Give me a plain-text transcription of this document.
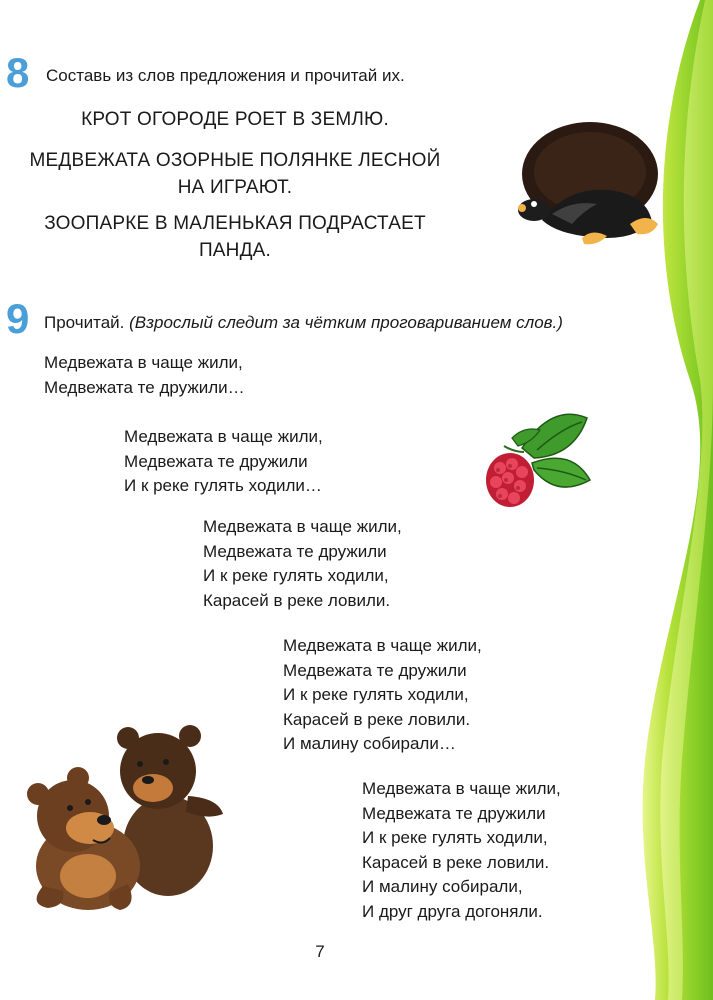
8 Составь из слов предложения и прочитай их.
КРОТ ОГОРОДЕ РОЕТ В ЗЕМЛЮ.
МЕДВЕЖАТА ОЗОРНЫЕ ПОЛЯНКЕ ЛЕСНОЙ
НА ИГРАЮТ.
ЗООПАРКЕ В МАЛЕНЬКАЯ ПОДРАСТАЕТ
ПАНДА.
9 Прочитай. (Взрослый следит за чётким проговариванием слов.)
Медвежата в чаще жили,
Медвежата те дружили…
Медвежата в чаще жили,
Медвежата те дружили
И к реке гулять ходили…
Медвежата в чаще жили,
Медвежата те дружили
И к реке гулять ходили,
Карасей в реке ловили.
Медвежата в чаще жили,
Медвежата те дружили
И к реке гулять ходили,
Карасей в реке ловили.
И малину собирали…
Медвежата в чаще жили,
Медвежата те дружили
И к реке гулять ходили,
Карасей в реке ловили.
И малину собирали,
И друг друга догоняли.
7
